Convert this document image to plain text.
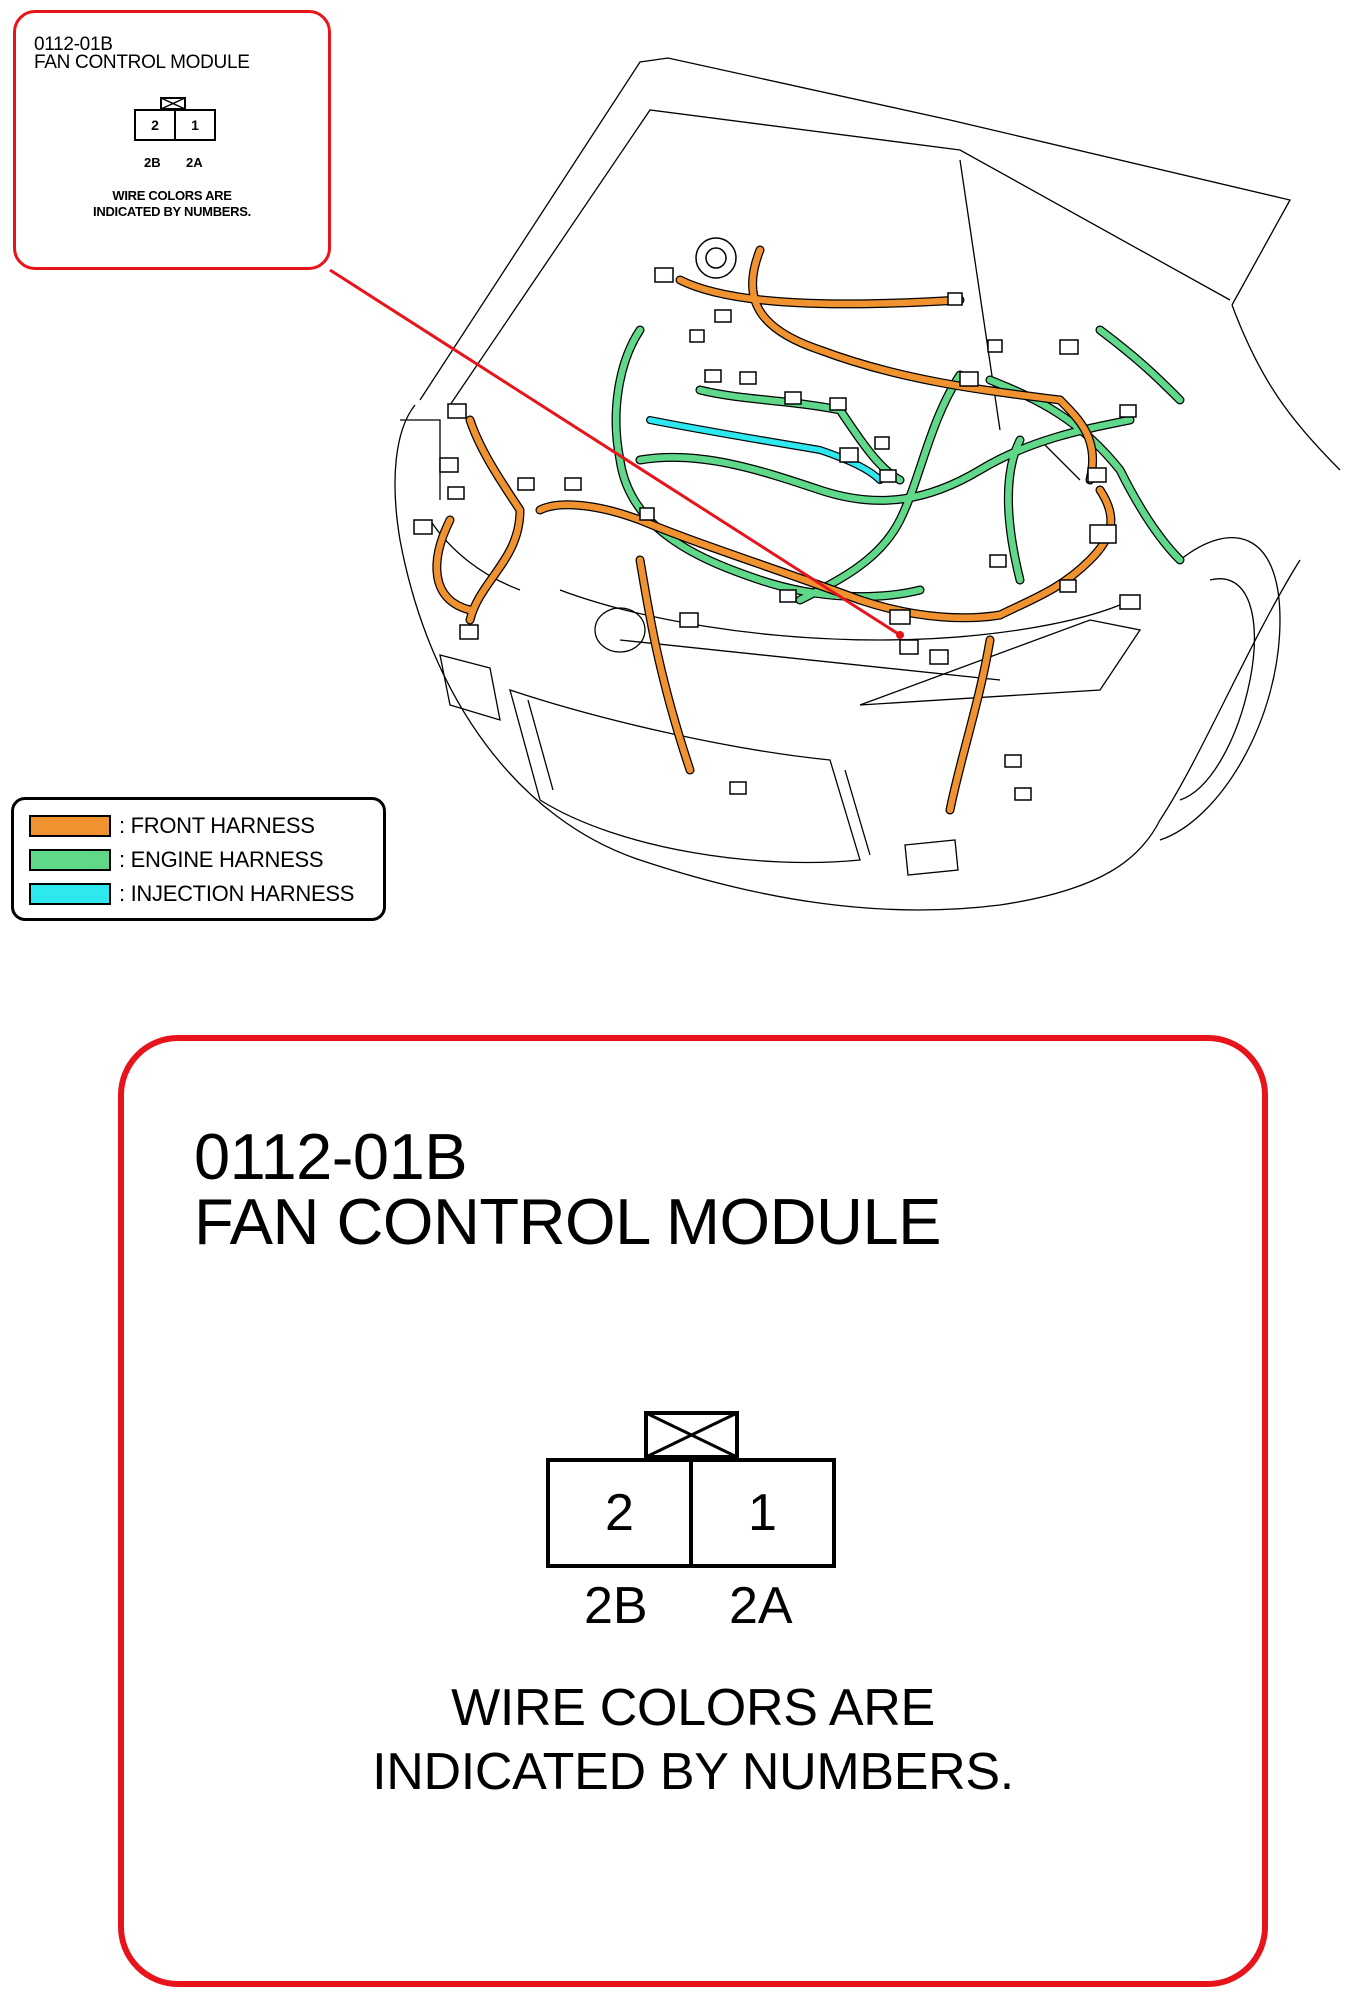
0112-01B
FAN CONTROL MODULE
2	1
2B 2A
WIRE COLORS ARE
INDICATED BY NUMBERS.
: FRONT HARNESS
: ENGINE HARNESS
: INJECTION HARNESS
0112-01B
FAN CONTROL MODULE
2	1
2B 2A
WIRE COLORS ARE
INDICATED BY NUMBERS.
